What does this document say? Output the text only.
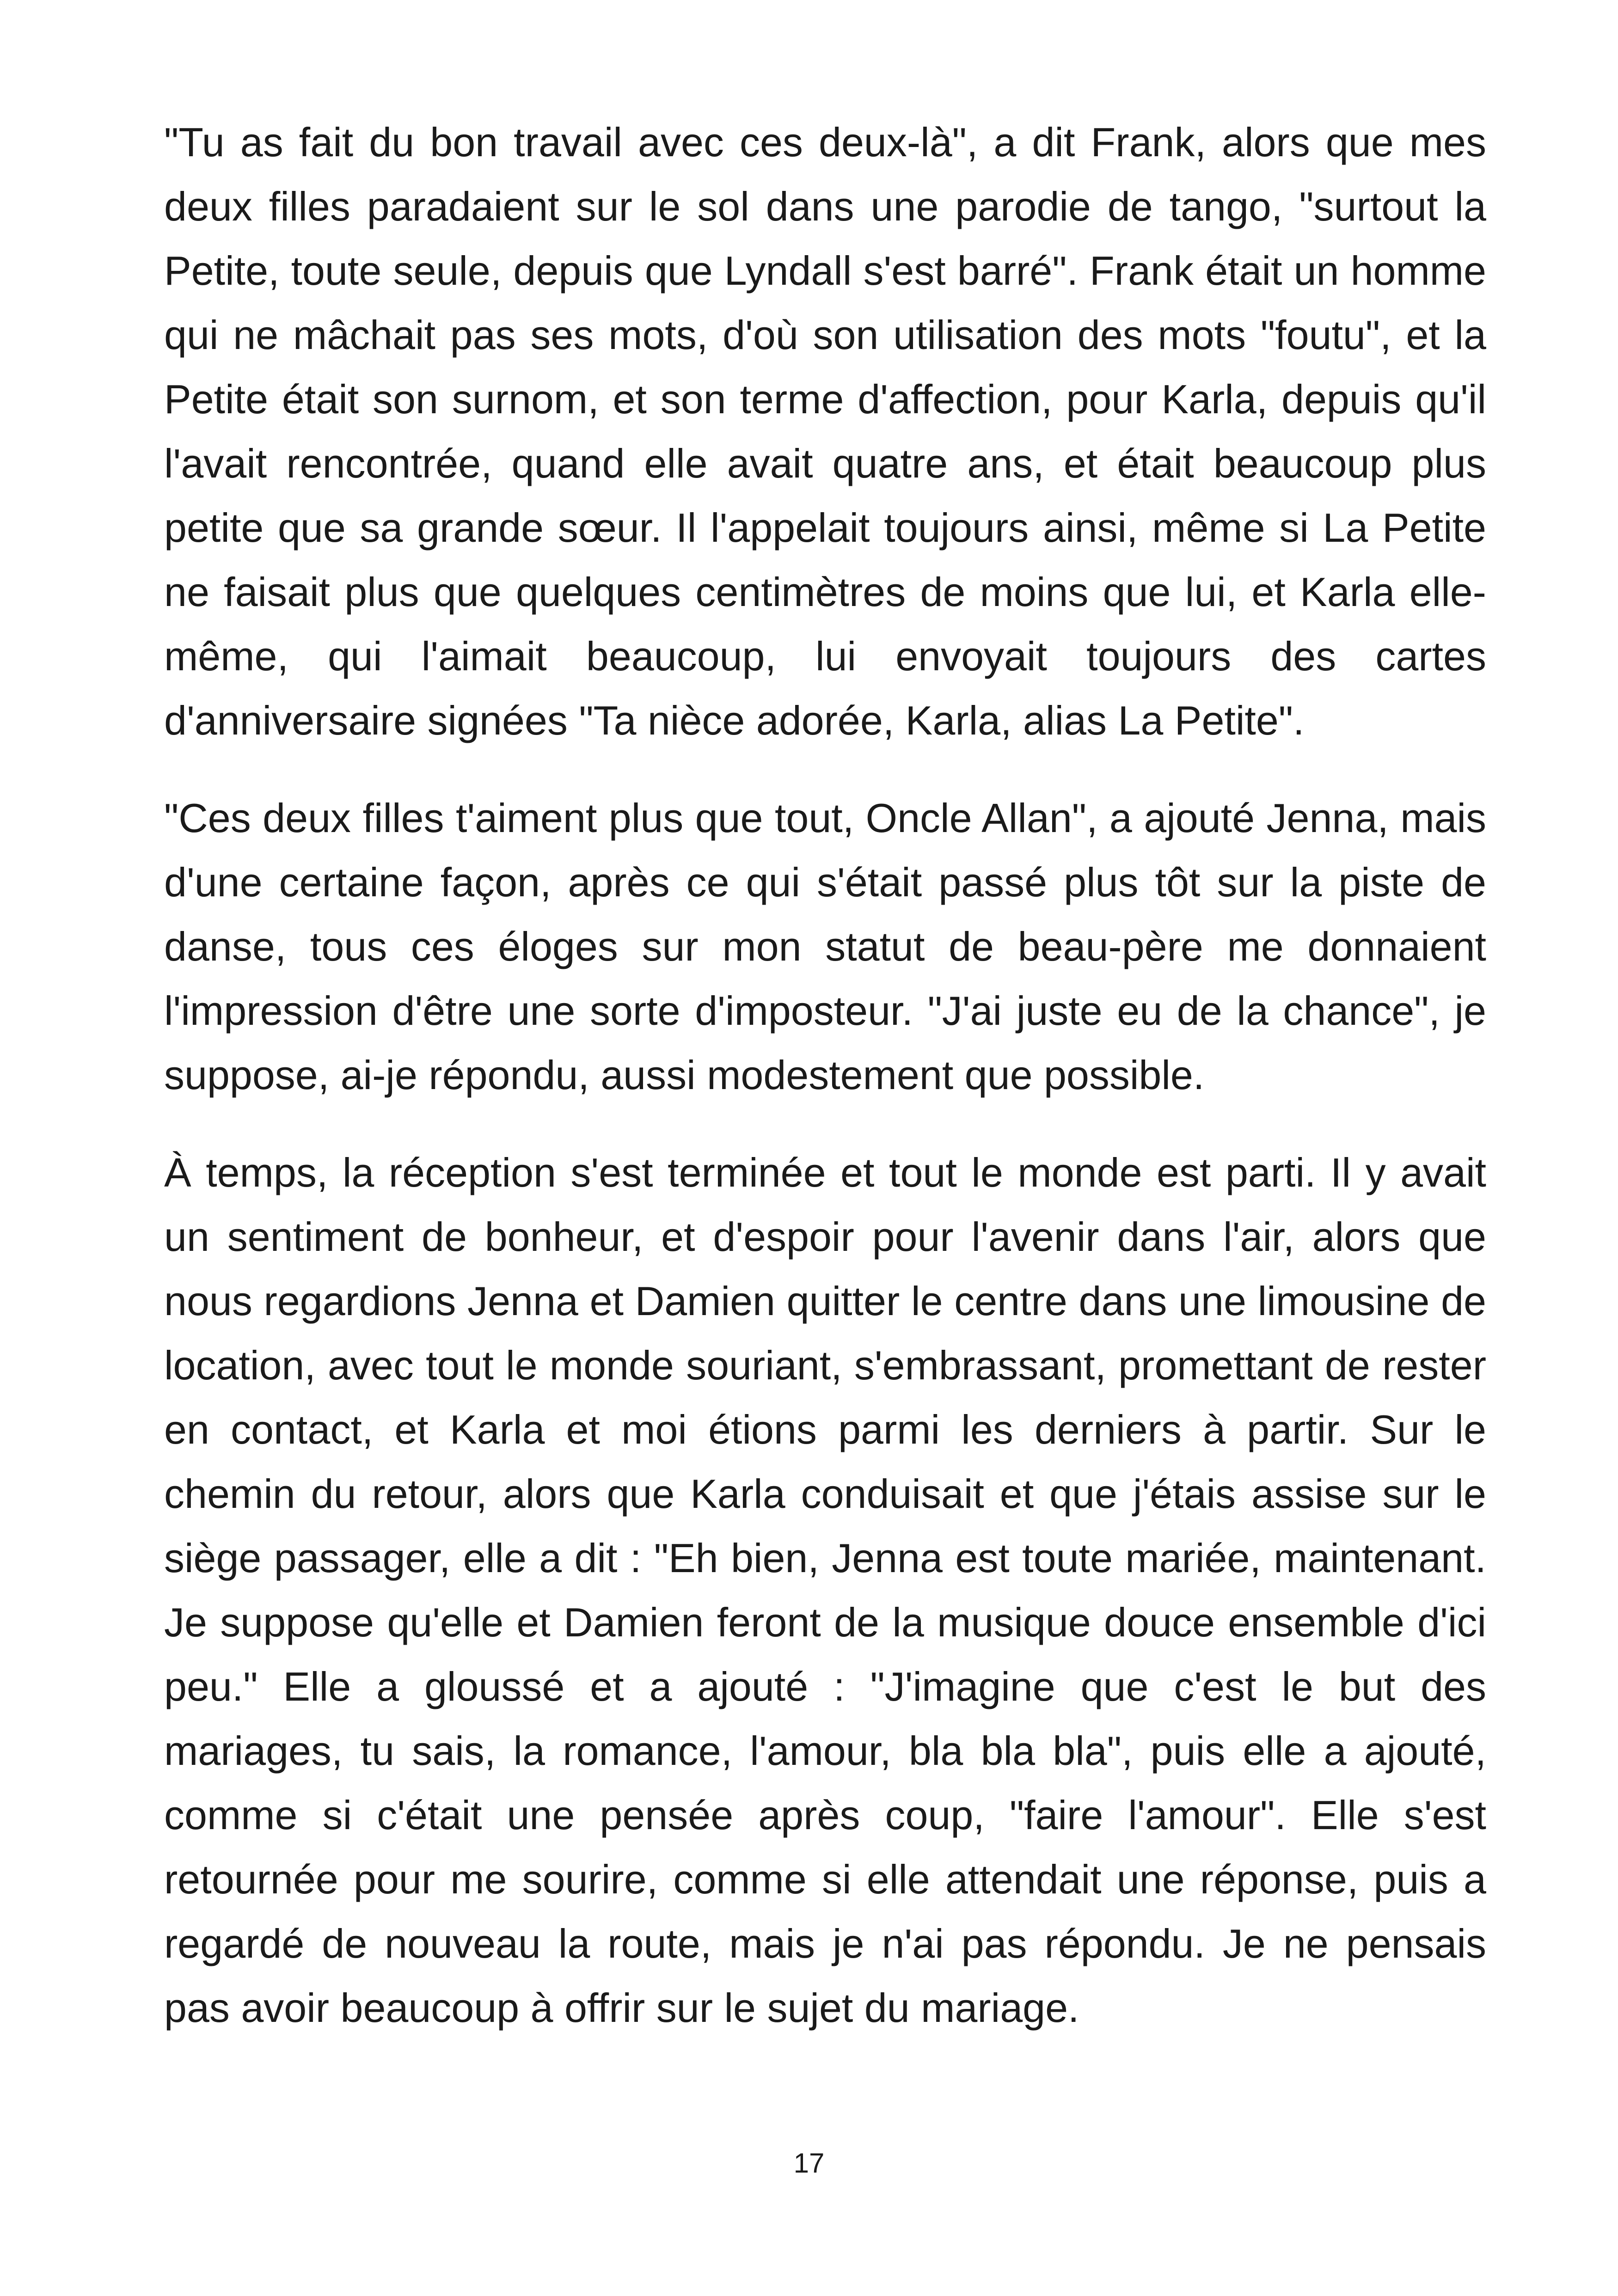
"Tu as fait du bon travail avec ces deux-là", a dit Frank, alors que mes deux filles paradaient sur le sol dans une parodie de tango, "surtout la Petite, toute seule, depuis que Lyndall s'est barré". Frank était un homme qui ne mâchait pas ses mots, d'où son utilisation des mots "foutu", et la Petite était son surnom, et son terme d'affection, pour Karla, depuis qu'il l'avait rencontrée, quand elle avait quatre ans, et était beaucoup plus petite que sa grande sœur. Il l'appelait toujours ainsi, même si La Petite ne faisait plus que quelques centimètres de moins que lui, et Karla elle-même, qui l'aimait beaucoup, lui envoyait toujours des cartes d'anniversaire signées "Ta nièce adorée, Karla, alias La Petite".

"Ces deux filles t'aiment plus que tout, Oncle Allan", a ajouté Jenna, mais d'une certaine façon, après ce qui s'était passé plus tôt sur la piste de danse, tous ces éloges sur mon statut de beau-père me donnaient l'impression d'être une sorte d'imposteur. "J'ai juste eu de la chance", je suppose, ai-je répondu, aussi modestement que possible.

À temps, la réception s'est terminée et tout le monde est parti. Il y avait un sentiment de bonheur, et d'espoir pour l'avenir dans l'air, alors que nous regardions Jenna et Damien quitter le centre dans une limousine de location, avec tout le monde souriant, s'embrassant, promettant de rester en contact, et Karla et moi étions parmi les derniers à partir. Sur le chemin du retour, alors que Karla conduisait et que j'étais assise sur le siège passager, elle a dit : "Eh bien, Jenna est toute mariée, maintenant. Je suppose qu'elle et Damien feront de la musique douce ensemble d'ici peu." Elle a gloussé et a ajouté : "J'imagine que c'est le but des mariages, tu sais, la romance, l'amour, bla bla bla", puis elle a ajouté, comme si c'était une pensée après coup, "faire l'amour". Elle s'est retournée pour me sourire, comme si elle attendait une réponse, puis a regardé de nouveau la route, mais je n'ai pas répondu. Je ne pensais pas avoir beaucoup à offrir sur le sujet du mariage.

17
